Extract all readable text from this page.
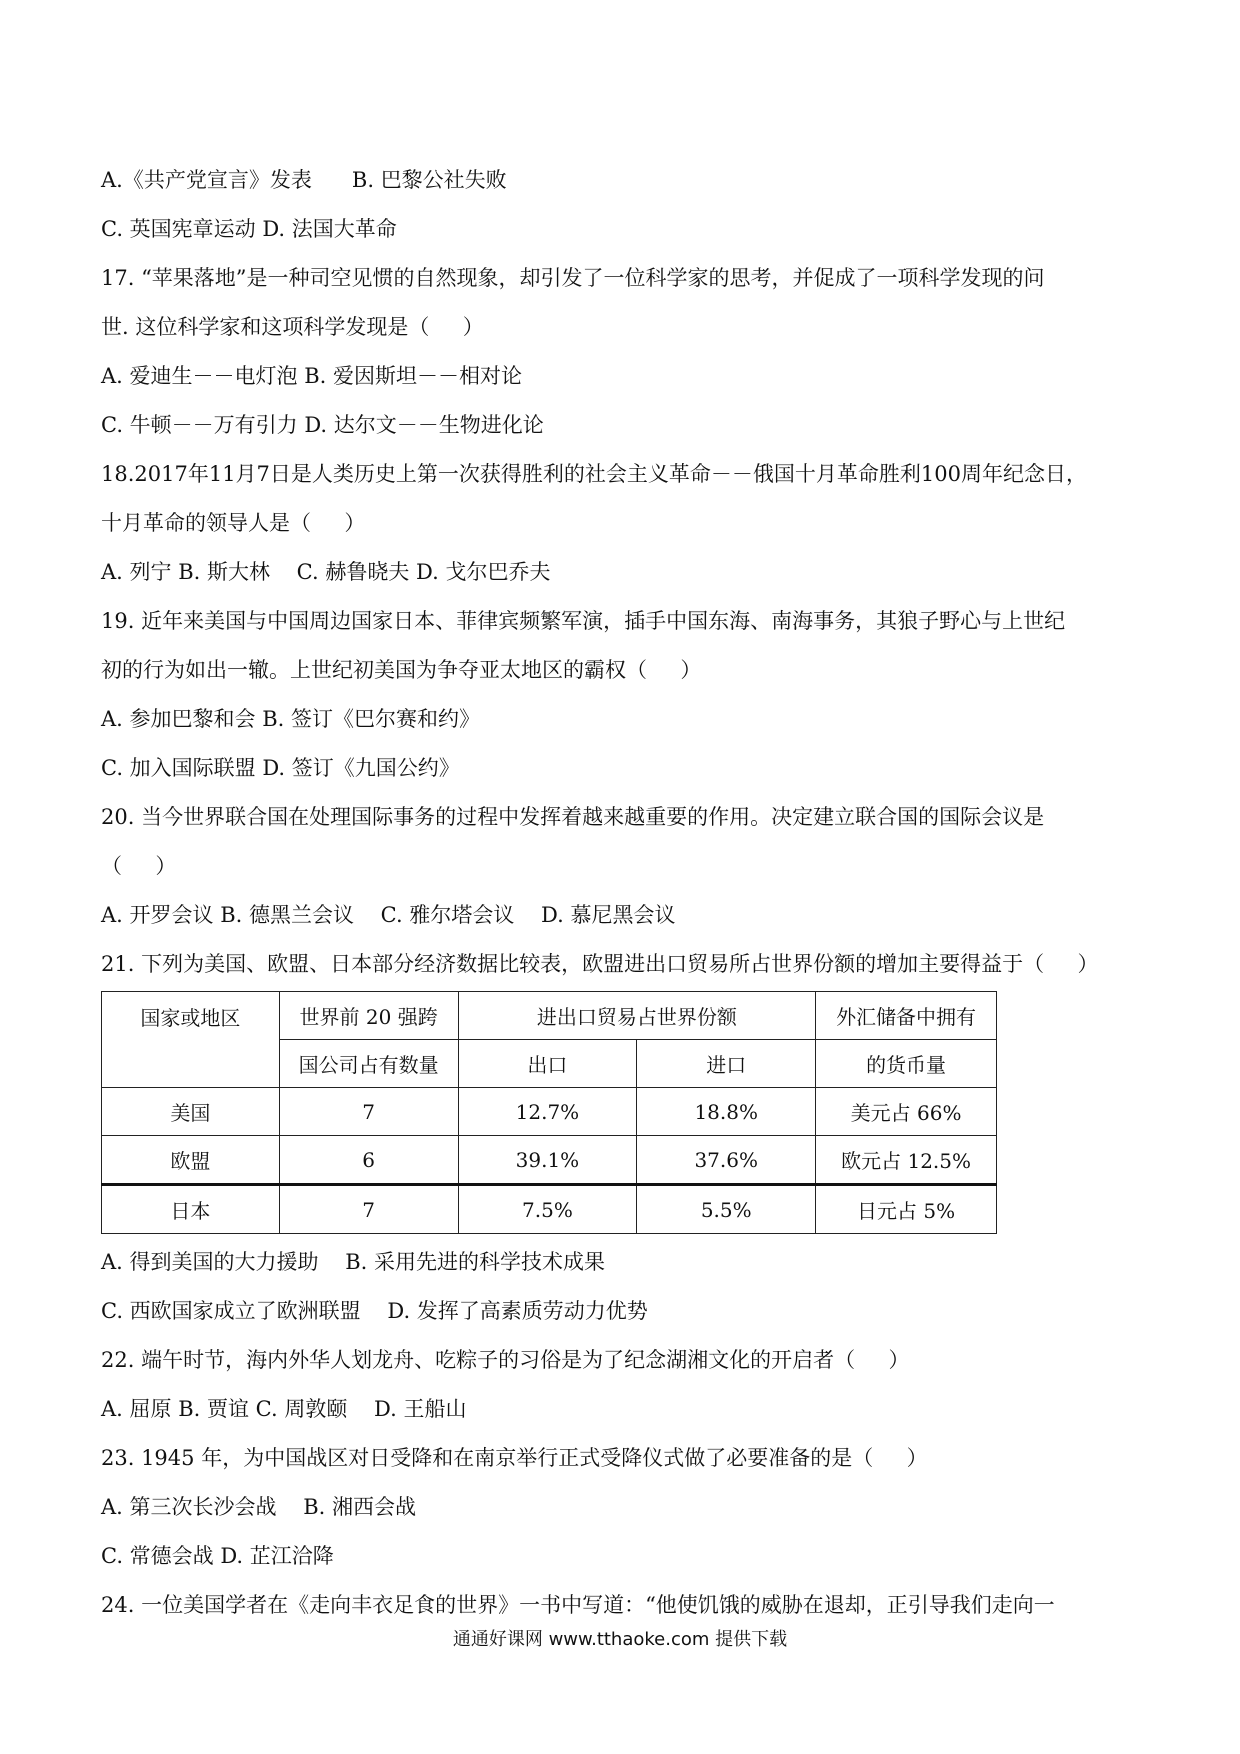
A.《共产党宣言》发表      B. 巴黎公社失败
C. 英国宪章运动 D. 法国大革命
17. “苹果落地”是一种司空见惯的自然现象，却引发了一位科学家的思考，并促成了一项科学发现的问
世. 这位科学家和这项科学发现是（     ）
A. 爱迪生－－电灯泡 B. 爱因斯坦－－相对论
C. 牛顿－－万有引力 D. 达尔文－－生物进化论
18.2017年11月7日是人类历史上第一次获得胜利的社会主义革命－－俄国十月革命胜利100周年纪念日，
十月革命的领导人是（     ）
A. 列宁 B. 斯大林    C. 赫鲁晓夫 D. 戈尔巴乔夫
19. 近年来美国与中国周边国家日本、菲律宾频繁军演，插手中国东海、南海事务，其狼子野心与上世纪
初的行为如出一辙。上世纪初美国为争夺亚太地区的霸权（     ）
A. 参加巴黎和会 B. 签订《巴尔赛和约》
C. 加入国际联盟 D. 签订《九国公约》
20. 当今世界联合国在处理国际事务的过程中发挥着越来越重要的作用。决定建立联合国的国际会议是
（     ）
A. 开罗会议 B. 德黑兰会议    C. 雅尔塔会议    D. 慕尼黑会议
21. 下列为美国、欧盟、日本部分经济数据比较表，欧盟进出口贸易所占世界份额的增加主要得益于（     ）
国家或地区	世界前 20 强跨	进出口贸易占世界份额		外汇储备中拥有
	国公司占有数量	出口	进口	的货币量
美国	7	12.7%	18.8%	美元占 66%
欧盟	6	39.1%	37.6%	欧元占 12.5%
日本	7	7.5%	5.5%	日元占 5%
A. 得到美国的大力援助    B. 采用先进的科学技术成果
C. 西欧国家成立了欧洲联盟    D. 发挥了高素质劳动力优势
22. 端午时节，海内外华人划龙舟、吃粽子的习俗是为了纪念湖湘文化的开启者（     ）
A. 屈原 B. 贾谊 C. 周敦颐    D. 王船山
23. 1945 年，为中国战区对日受降和在南京举行正式受降仪式做了必要准备的是（     ）
A. 第三次长沙会战    B. 湘西会战
C. 常德会战 D. 芷江洽降
24. 一位美国学者在《走向丰衣足食的世界》一书中写道：“他使饥饿的威胁在退却，正引导我们走向一
通通好课网 www.tthaoke.com 提供下载
